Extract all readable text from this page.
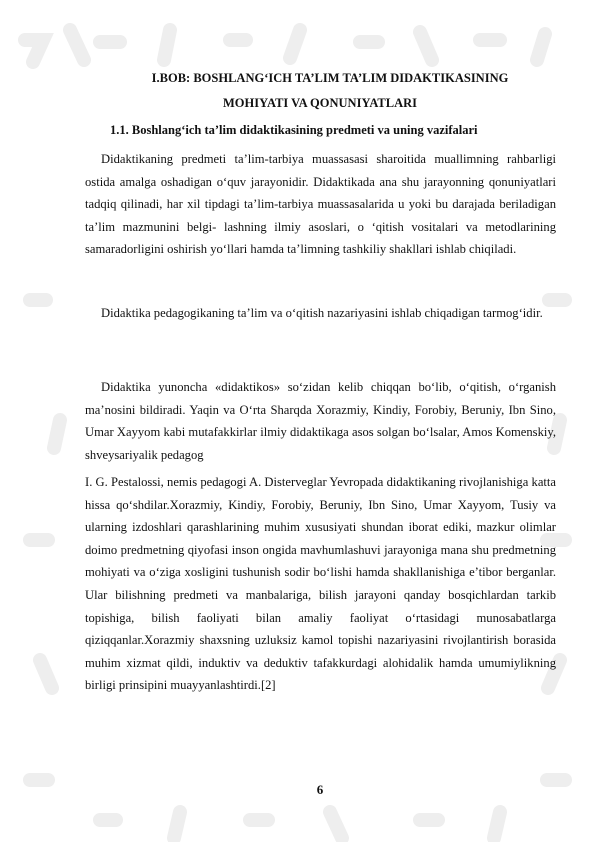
I.BOB: BOSHLANG‘ICH TA’LIM TA’LIM DIDAKTIKASINING

MOHIYATI VA QONUNIYATLARI

1.1. Boshlang‘ich ta’lim didaktikasining predmeti va uning vazifalari

Didaktikaning predmeti ta’lim-tarbiya muassasasi sharoitida muallimning rahbarligi ostida amalga oshadigan o‘quv jarayonidir. Didaktikada ana shu jarayonning qonuniyatlari tadqiq qilinadi, har xil tipdagi ta’lim-tarbiya muassasalarida u yoki bu darajada beriladigan ta’lim mazmunini belgi- lashning ilmiy asoslari, o ‘qitish vositalari va metodlarining samaradorligini oshirish yo‘llari hamda ta’limning tashkiliy shakllari ishlab chiqiladi.

Didaktika pedagogikaning ta’lim va o‘qitish nazariyasini ishlab chiqadigan tarmog‘idir.

Didaktika yunoncha «didaktikos» so‘zidan kelib chiqqan bo‘lib, o‘qitish, o‘rganish ma’nosini bildiradi. Yaqin va O‘rta Sharqda Xorazmiy, Kindiy, Forobiy, Beruniy, Ibn Sino, Umar Xayyom kabi mutafakkirlar ilmiy didaktikaga asos solgan bo‘lsalar, Amos Komenskiy, shveysariyalik pedagog

I. G. Pestalossi, nemis pedagogi A. Disterveglar Yevropada didaktikaning rivojlanishiga katta hissa qo‘shdilar.Xorazmiy, Kindiy, Forobiy, Beruniy, Ibn Sino, Umar Xayyom, Tusiy va ularning izdoshlari qarashlarining muhim xususiyati shundan iborat ediki, mazkur olimlar doimo predmetning qiyofasi inson ongida mavhumlashuvi jarayoniga mana shu predmetning mohiyati va o‘ziga xosligini tushunish sodir bo‘lishi hamda shakllanishiga e’tibor berganlar. Ular bilishning predmeti va manbalariga, bilish jarayoni qanday bosqichlardan tarkib topishiga, bilish faoliyati bilan amaliy faoliyat o‘rtasidagi munosabatlarga qiziqqanlar.Xorazmiy shaxsning uzluksiz kamol topishi nazariyasini rivojlantirish borasida muhim xizmat qildi, induktiv va deduktiv tafakkurdagi alohidalik hamda umumiylikning birligi prinsipini muayyanlashtirdi.[2]

6
